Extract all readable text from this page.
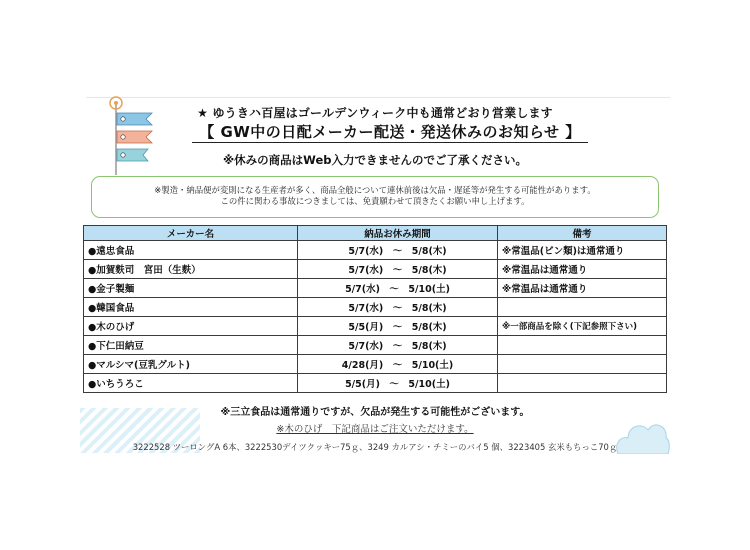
★ ゆうきハ百屋はゴールデンウィーク中も通常どおり営業します
【 GW中の日配メーカー配送・発送休みのお知らせ 】
※休みの商品はWeb入力できませんのでご了承ください。
※製造・納品便が変則になる生産者が多く、商品全般について連休前後は欠品・遅延等が発生する可能性があります。
この件に関わる事故につきましては、免責願わせて頂きたくお願い申し上げます。
メーカー名	納品お休み期間	備考
●遠忠食品	5/7(水)　～　5/8(木)	※常温品(ビン類)は通常通り
●加賀麩司　宮田（生麩）	5/7(水)　～　5/8(木)	※常温品は通常通り
●金子製麺	5/7(水)　～　5/10(土)	※常温品は通常通り
●韓国食品	5/7(水)　～　5/8(木)	
●木のひげ	5/5(月)　～　5/8(木)	※一部商品を除く(下記参照下さい)
●下仁田納豆	5/7(水)　～　5/8(木)	
●マルシマ(豆乳グルト)	4/28(月)　～　5/10(土)	
●いちうろこ	5/5(月)　～　5/10(土)	
※三立食品は通常通りですが、欠品が発生する可能性がございます。
※木のひげ　下記商品はご注文いただけます。
3222528 ツーロングA 6本、3222530デイツクッキー75ｇ、3249 カルアシ・チミーのバイ5 個、3223405 玄米もちっこ70ｇ
